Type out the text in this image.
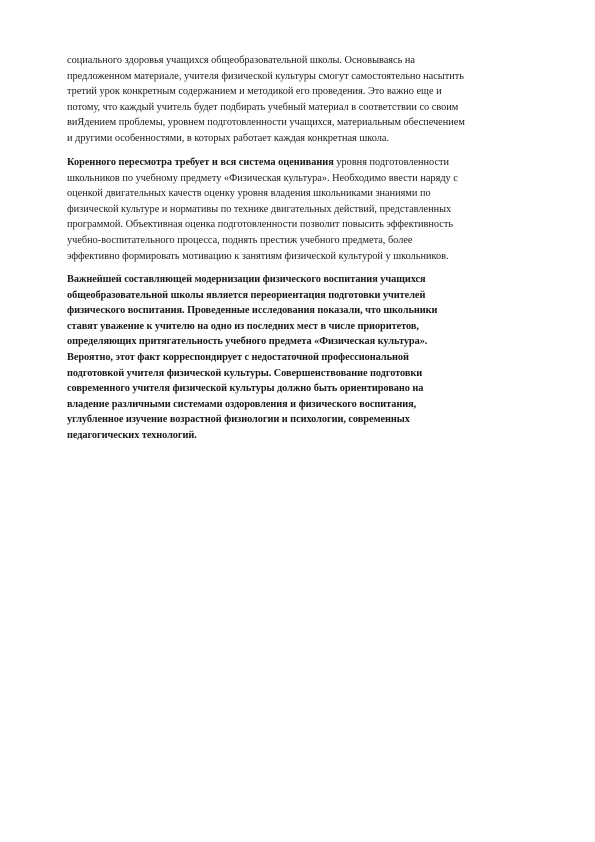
социального здоровья учащихся общеобразовательной школы. Основываясь на
предложенном материале, учителя физической культуры смогут самостоятельно насытить
третий урок конкретным содержанием и методикой его проведения. Это важно еще и
потому, что каждый учитель будет подбирать учебный материал в соответствии со своим
виЯдением проблемы, уровнем подготовленности учащихся, материальным обеспечением
и другими особенностями, в которых работает каждая конкретная школа.

Коренного пересмотра требует и вся система оценивания уровня подготовленности
школьников по учебному предмету «Физическая культура». Необходимо ввести наряду с
оценкой двигательных качеств оценку уровня владения школьниками знаниями по
физической культуре и нормативы по технике двигательных действий, представленных
программой. Объективная оценка подготовленности позволит повысить эффективность
учебно-воспитательного процесса, поднять престиж учебного предмета, более
эффективно формировать мотивацию к занятиям физической культурой у школьников.

Важнейшей составляющей модернизации физического воспитания учащихся
общеобразовательной школы является переориентация подготовки учителей
физического воспитания. Проведенные исследования показали, что школьники
ставят уважение к учителю на одно из последних мест в числе приоритетов,
определяющих притягательность учебного предмета «Физическая культура».
Вероятно, этот факт корреспондирует с недостаточной профессиональной
подготовкой учителя физической культуры. Совершенствование подготовки
современного учителя физической культуры должно быть ориентировано на
владение различными системами оздоровления и физического воспитания,
углубленное изучение возрастной физиологии и психологии, современных
педагогических технологий.
